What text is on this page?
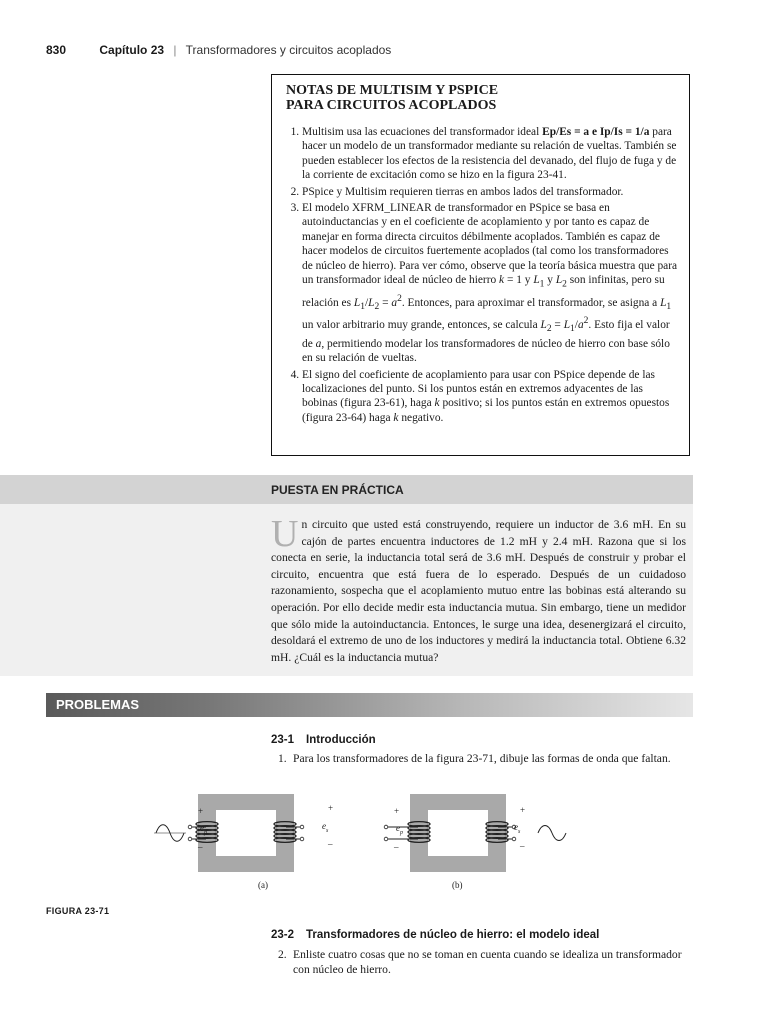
830	Capítulo 23 | Transformadores y circuitos acoplados
NOTAS DE MULTISIM Y PSPICE
PARA CIRCUITOS ACOPLADOS
1. Multisim usa las ecuaciones del transformador ideal Ep/Es = a e Ip/Is = 1/a para hacer un modelo de un transformador mediante su relación de vueltas. También se pueden establecer los efectos de la resistencia del devanado, del flujo de fuga y de la corriente de excitación como se hizo en la figura 23-41.
2. PSpice y Multisim requieren tierras en ambos lados del transformador.
3. El modelo XFRM_LINEAR de transformador en PSpice se basa en autoinductancias y en el coeficiente de acoplamiento y por tanto es capaz de manejar en forma directa circuitos débilmente acoplados. También es capaz de hacer modelos de circuitos fuertemente acoplados (tal como los transformadores de núcleo de hierro). Para ver cómo, observe que la teoría básica muestra que para un transformador ideal de núcleo de hierro k = 1 y $L_1$ y $L_2$ son infinitas, pero su relación es $L_1/L_2 = a^2$. Entonces, para aproximar el transformador, se asigna a $L_1$ un valor arbitrario muy grande, entonces, se calcula $L_2 = L_1/a^2$. Esto fija el valor de a, permitiendo modelar los transformadores de núcleo de hierro con base sólo en su relación de vueltas.
4. El signo del coeficiente de acoplamiento para usar con PSpice depende de las localizaciones del punto. Si los puntos están en extremos adyacentes de las bobinas (figura 23-61), haga k positivo; si los puntos están en extremos opuestos (figura 23-64) haga k negativo.
PUESTA EN PRÁCTICA
Un circuito que usted está construyendo, requiere un inductor de 3.6 mH. En su cajón de partes encuentra inductores de 1.2 mH y 2.4 mH. Razona que si los conecta en serie, la inductancia total será de 3.6 mH. Después de construir y probar el circuito, encuentra que está fuera de lo esperado. Después de un cuidadoso razonamiento, sospecha que el acoplamiento mutuo entre las bobinas está alterando su operación. Por ello decide medir esta inductancia mutua. Sin embargo, tiene un medidor que sólo mide la autoinductancia. Entonces, le surge una idea, desenergizará el circuito, desoldará el extremo de uno de los inductores y medirá la inductancia total. Obtiene 6.32 mH. ¿Cuál es la inductancia mutua?
PROBLEMAS
23-1 Introducción
1. Para los transformadores de la figura 23-71, dibuje las formas de onda que faltan.
+
–
$e_p$
+
–
$e_s$
(a)
+
–
$e_p$
+
–
$e_s$
(b)
FIGURA 23-71
23-2 Transformadores de núcleo de hierro: el modelo ideal
2. Enliste cuatro cosas que no se toman en cuenta cuando se idealiza un transformador con núcleo de hierro.
